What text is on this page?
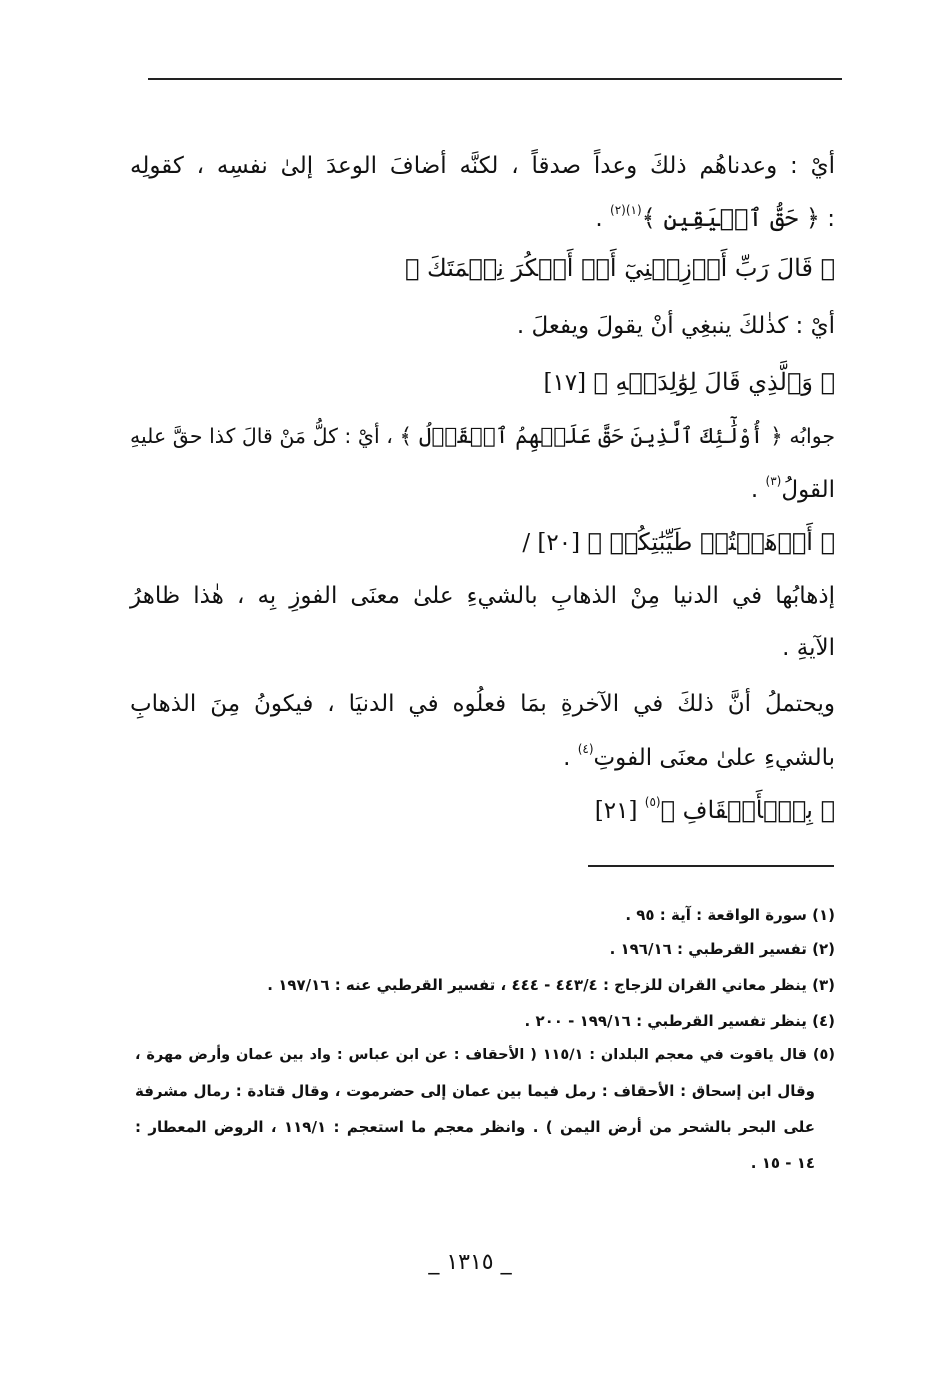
أيْ : وعدناهُم ذلكَ وعداً صدقاً ، لكنَّه أضافَ الوعدَ إلىٰ نفسِه ، كقولِه
: ﴿ حَقُّ ٱلۡيَقِينِ ﴾$^{(١)(٢)}$ .
﴿ قَالَ رَبِّ أَوۡزِعۡنِيٓ أَنۡ أَشۡكُرَ نِعۡمَتَكَ ﴾
أيْ : كذٰلكَ ينبغِي أنْ يقولَ ويفعلَ .
﴿ وَٱلَّذِي قَالَ لِوَٰلِدَيۡهِ ﴾ [١٧]
جوابُه ﴿ أُوْلَٰٓئِكَ ٱلَّذِينَ حَقَّ عَلَيۡهِمُ ٱلۡقَوۡلُ ﴾ ، أيْ : كلُّ مَنْ قالَ كذا حقَّ عليهِ
القولُ$^{(٣)}$ .
﴿ أَذۡهَبۡتُمۡ طَيِّبَٰتِكُمۡ ﴾ [٢٠] /
إذهابُها في الدنيا مِنْ الذهابِ بالشيءِ علىٰ معنَى الفوزِ بِه ، هٰذا ظاهرُ
الآيةِ .
ويحتملُ أنَّ ذلكَ في الآخرةِ بمَا فعلُوه في الدنيَا ، فيكونُ مِنَ الذهابِ
بالشيءِ علىٰ معنَى الفوتِ$^{(٤)}$ .
﴿ بِٱلۡأَحۡقَافِ ﴾$^{(٥)}$ [٢١]
(١) سورة الواقعة : آية : ٩٥ .
(٢) تفسير القرطبي : ١٩٦/١٦ .
(٣) ينظر معاني القران للزجاج : ٤٤٣/٤ - ٤٤٤ ، تفسير القرطبي عنه : ١٩٧/١٦ .
(٤) ينظر تفسير القرطبي : ١٩٩/١٦ - ٢٠٠ .
(٥) قال ياقوت في معجم البلدان : ١١٥/١ ( الأحقاف : عن ابن عباس : واد بين عمان وأرض مهرة ،
وقال ابن إسحاق : الأحقاف : رمل فيما بين عمان إلى حضرموت ، وقال قتادة : رمال مشرفة
على البحر بالشحر من أرض اليمن ) . وانظر معجم ما استعجم : ١١٩/١ ، الروض المعطار :
١٤ - ١٥ .
_ ١٣١٥ _
